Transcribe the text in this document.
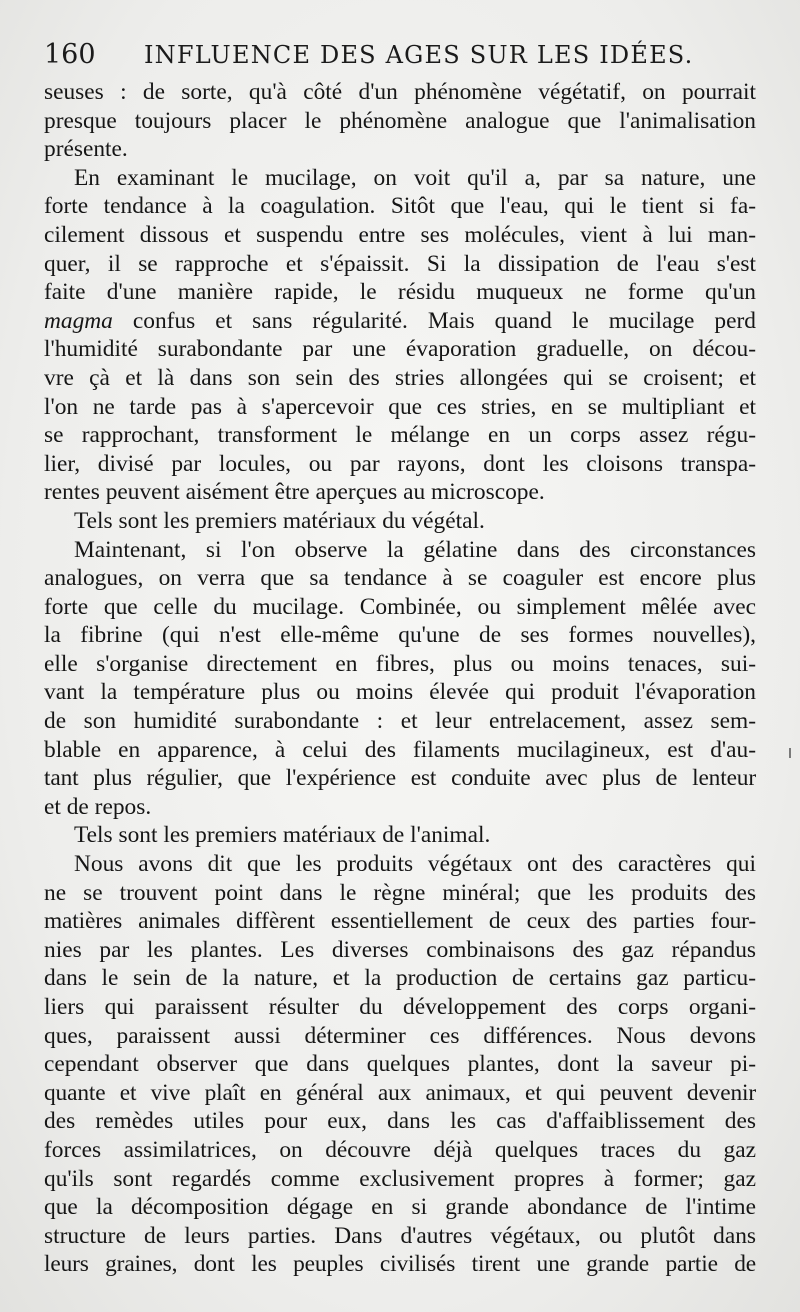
160 INFLUENCE DES AGES SUR LES IDÉES.
seuses : de sorte, qu'à côté d'un phénomène végétatif, on pourrait
presque toujours placer le phénomène analogue que l'animalisation
présente.
En examinant le mucilage, on voit qu'il a, par sa nature, une
forte tendance à la coagulation. Sitôt que l'eau, qui le tient si fa-
cilement dissous et suspendu entre ses molécules, vient à lui man-
quer, il se rapproche et s'épaissit. Si la dissipation de l'eau s'est
faite d'une manière rapide, le résidu muqueux ne forme qu'un
magma confus et sans régularité. Mais quand le mucilage perd
l'humidité surabondante par une évaporation graduelle, on décou-
vre çà et là dans son sein des stries allongées qui se croisent; et
l'on ne tarde pas à s'apercevoir que ces stries, en se multipliant et
se rapprochant, transforment le mélange en un corps assez régu-
lier, divisé par locules, ou par rayons, dont les cloisons transpa-
rentes peuvent aisément être aperçues au microscope.
Tels sont les premiers matériaux du végétal.
Maintenant, si l'on observe la gélatine dans des circonstances
analogues, on verra que sa tendance à se coaguler est encore plus
forte que celle du mucilage. Combinée, ou simplement mêlée avec
la fibrine (qui n'est elle-même qu'une de ses formes nouvelles),
elle s'organise directement en fibres, plus ou moins tenaces, sui-
vant la température plus ou moins élevée qui produit l'évaporation
de son humidité surabondante : et leur entrelacement, assez sem-
blable en apparence, à celui des filaments mucilagineux, est d'au-
tant plus régulier, que l'expérience est conduite avec plus de lenteur
et de repos.
Tels sont les premiers matériaux de l'animal.
Nous avons dit que les produits végétaux ont des caractères qui
ne se trouvent point dans le règne minéral; que les produits des
matières animales diffèrent essentiellement de ceux des parties four-
nies par les plantes. Les diverses combinaisons des gaz répandus
dans le sein de la nature, et la production de certains gaz particu-
liers qui paraissent résulter du développement des corps organi-
ques, paraissent aussi déterminer ces différences. Nous devons
cependant observer que dans quelques plantes, dont la saveur pi-
quante et vive plaît en général aux animaux, et qui peuvent devenir
des remèdes utiles pour eux, dans les cas d'affaiblissement des
forces assimilatrices, on découvre déjà quelques traces du gaz
qu'ils sont regardés comme exclusivement propres à former; gaz
que la décomposition dégage en si grande abondance de l'intime
structure de leurs parties. Dans d'autres végétaux, ou plutôt dans
leurs graines, dont les peuples civilisés tirent une grande partie de
